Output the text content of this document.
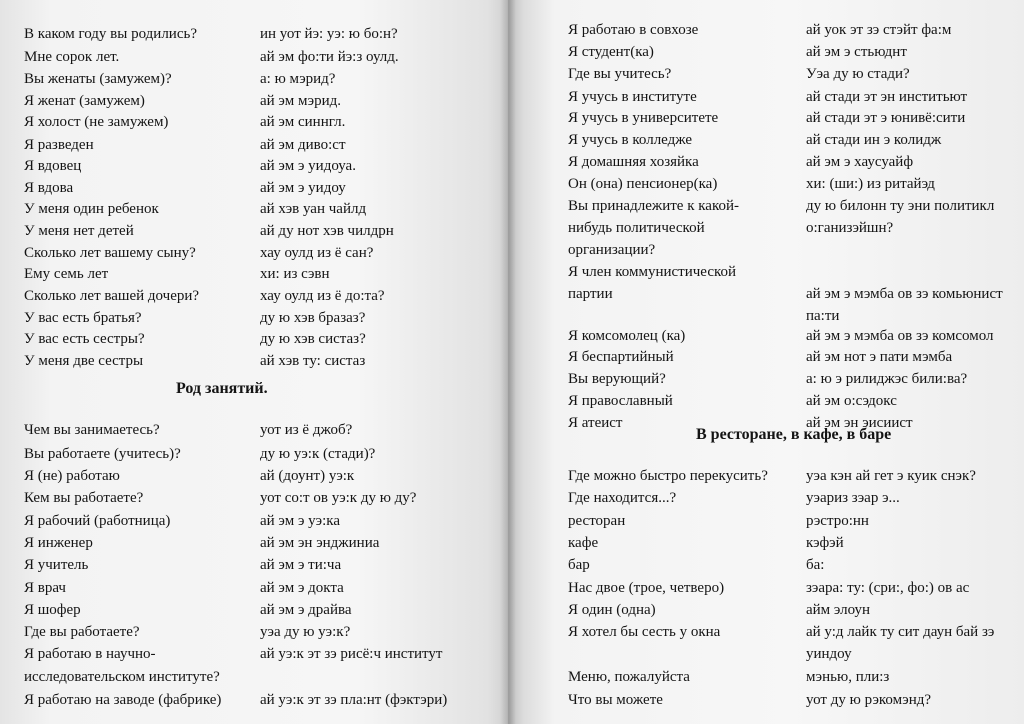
В каком году вы родились?	ин уот йэ: уэ: ю бо:н?
Мне сорок лет.	ай эм фо:ти йэ:з оулд.
Вы женаты (замужем)?	а: ю мэрид?
Я женат (замужем)	ай эм мэрид.
Я холост (не замужем)	ай эм синнгл.
Я разведен	ай эм диво:ст
Я вдовец	ай эм э уидоуа.
Я вдова	ай эм э уидоу
У меня один ребенок	ай хэв уан чайлд
У меня нет детей	ай ду нот хэв чилдрн
Сколько лет вашему сыну?	хау оулд из ё сан?
Ему семь лет	хи: из сэвн
Сколько лет вашей дочери?	хау оулд из ё до:та?
У вас есть братья?	ду ю хэв бразаз?
У вас есть сестры?	ду ю хэв систаз?
У меня две сестры	ай хэв ту: систаз
Род занятий.
Чем вы занимаетесь?	уот из ё джоб?
Вы работаете (учитесь)?	ду ю уэ:к (стади)?
Я (не) работаю	ай (доунт) уэ:к
Кем вы работаете?	уот со:т ов уэ:к ду ю ду?
Я рабочий (работница)	ай эм э уэ:ка
Я инженер	ай эм эн энджиниа
Я учитель	ай эм э ти:ча
Я врач	ай эм э докта
Я шофер	ай эм э драйва
Где вы работаете?	уэа ду ю уэ:к?
Я работаю в научно-	ай уэ:к эт зэ рисё:ч институт
исследовательском институте?
Я работаю на заводе (фабрике)	ай уэ:к эт зэ пла:нт (фэктэри)
Я работаю в совхозе	ай уок эт зэ стэйт фа:м
Я студент(ка)	ай эм э стьюднт
Где вы учитесь?	Уэа ду ю стади?
Я учусь в институте	ай стади эт эн инститьют
Я учусь в университете	ай стади эт э юнивё:сити
Я учусь в колледже	ай стади ин э колидж
Я домашняя хозяйка	ай эм э хаусуайф
Он (она) пенсионер(ка)	хи: (ши:) из ритайэд
Вы принадлежите к какой-	ду ю билонн ту эни политикл
нибудь политической	о:ганизэйшн?
организации?
Я член коммунистической
партии	ай эм э мэмба ов зэ комьюнист
па:ти
Я комсомолец (ка)	ай эм э мэмба ов зэ комсомол
Я беспартийный	ай эм нот э пати мэмба
Вы верующий?	а: ю э рилиджэс били:ва?
Я православный	ай эм о:сэдокс
Я атеист	ай эм эн эисиист
В ресторане, в кафе, в баре
Где можно быстро перекусить?	уэа кэн ай гет э куик снэк?
Где находится...?	уэариз зэар э...
ресторан	рэстро:нн
кафе	кэфэй
бар	ба:
Нас двое (трое, четверо)	зэара: ту: (сри:, фо:) ов ас
Я один (одна)	айм элоун
Я хотел бы сесть у окна	ай у:д лайк ту сит даун бай зэ
уиндоу
Меню, пожалуйста	мэнью, пли:з
Что вы можете	уот ду ю рэкомэнд?
